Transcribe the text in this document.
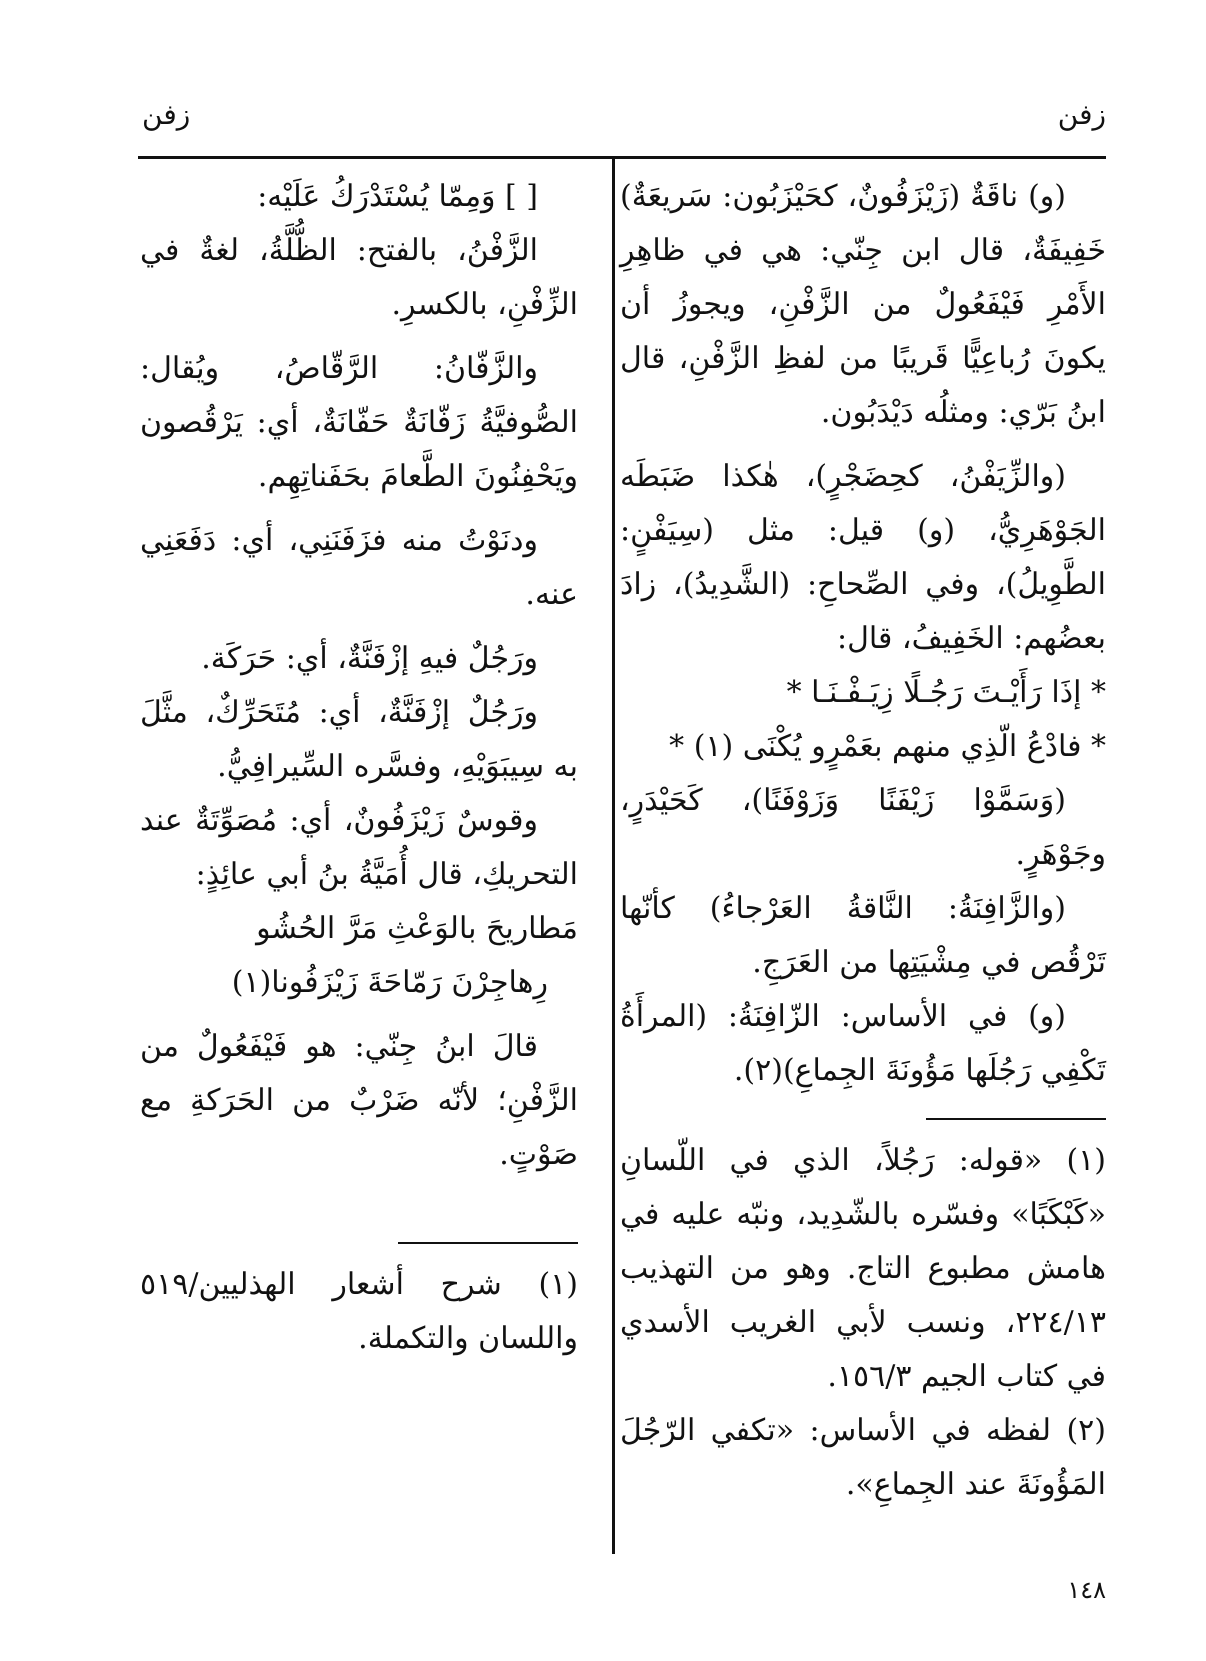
زفن
زفن

(و) ناقَةٌ (زَيْزَفُونٌ، كحَيْزَبُون: سَريعَةٌ) خَفِيفَةٌ، قال ابن جِنّي: هي في ظاهِرِ الأَمْرِ فَيْفَعُولٌ من الزَّفْنِ، ويجوزُ أن يكونَ رُباعِيًّا قَريبًا من لفظِ الزَّفْنِ، قال ابنُ بَرّي: ومثلُه دَيْدَبُون.

(والزِّيَفْنُ، كحِضَجْرٍ)، هٰكذا ضَبَطَه الجَوْهَرِيُّ، (و) قيل: مثل (سِيَفْنٍ: الطَّوِيلُ)، وفي الصِّحاحِ: (الشَّدِيدُ)، زادَ بعضُهم: الخَفِيفُ، قال:

* إذَا رَأَيْـتَ رَجُـلًا زِيَـفْـنَـا *
* فادْعُ الّذِي منهم بعَمْرٍو يُكْنَى (١) *

(وَسَمَّوْا زَيْفَنًا وَزَوْفَنًا)، كَحَيْدَرٍ، وجَوْهَرٍ.

(والزَّافِنَةُ: النَّاقةُ العَرْجاءُ) كأنّها تَرْقُص في مِشْيَتِها من العَرَجِ.

(و) في الأساس: الزّافِنَةُ: (المرأَةُ تَكْفِي رَجُلَها مَؤُونَةَ الجِماعِ)(٢).

(١) «قوله: رَجُلاً، الذي في اللّسانِ «كَبْكَبًا» وفسّره بالشّدِيد، ونبّه عليه في هامش مطبوع التاج. وهو من التهذيب ٢٢٤/١٣، ونسب لأبي الغريب الأسدي في كتاب الجيم ١٥٦/٣.

(٢) لفظه في الأساس: «تكفي الرّجُلَ المَؤُونَةَ عند الجِماعِ».

[ ] وَمِمّا يُسْتَدْرَكُ عَلَيْه:

الزَّفْنُ، بالفتح: الظُّلَّةُ، لغةٌ في الزِّفْنِ، بالكسرِ.

والزَّفّانُ: الرَّقّاصُ، ويُقال: الصُّوفيَّةُ زَفّانَةٌ حَفّانَةٌ، أي: يَرْقُصون ويَحْفِنُونَ الطَّعامَ بحَفَناتِهِم.

ودنَوْتُ منه فزَفَنَنِي، أي: دَفَعَنِي عنه.

ورَجُلٌ فيهِ إزْفَنَّةٌ، أي: حَرَكَة.

ورَجُلٌ إزْفَنَّةٌ، أي: مُتَحَرِّكٌ، مثَّلَ به سِيبَوَيْهِ، وفسَّره السِّيرافِيُّ.

وقوسٌ زَيْزَفُونٌ، أي: مُصَوِّتَةٌ عند التحريكِ، قال أُمَيَّةُ بنُ أبي عائِذٍ:

مَطاريحَ بالوَعْثِ مَرَّ الحُشُو
رِهاجِرْنَ رَمّاحَةَ زَيْزَفُونا(١)

قالَ ابنُ جِنّي: هو فَيْفَعُولٌ من الزَّفْنِ؛ لأنّه ضَرْبٌ من الحَرَكةِ مع صَوْتٍ.

(١) شرح أشعار الهذليين/٥١٩ واللسان والتكملة.

١٤٨
